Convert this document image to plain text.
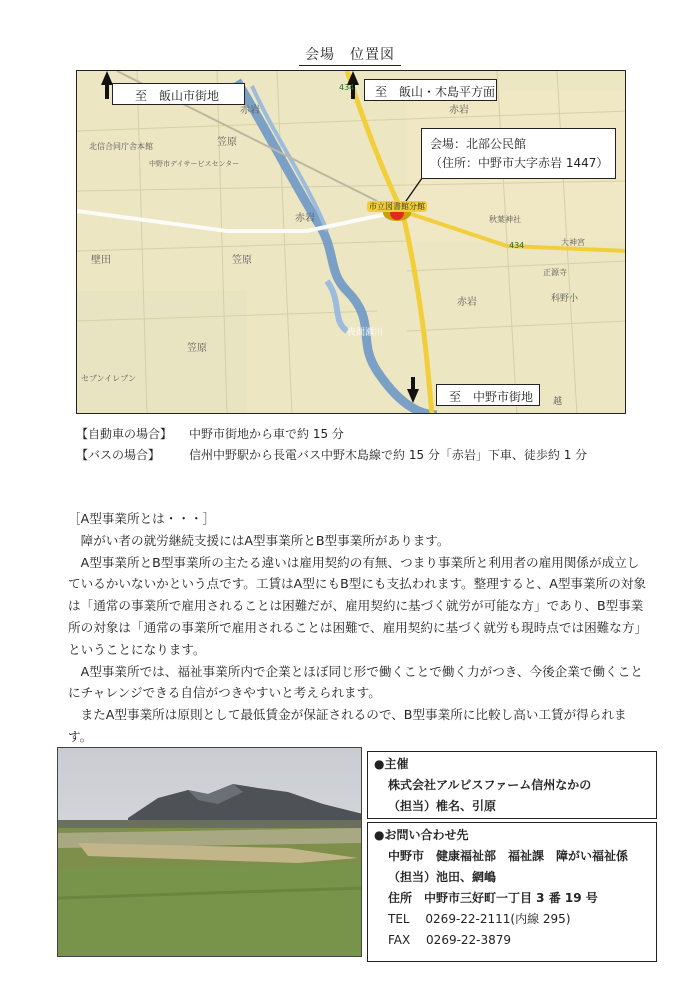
会場　位置図
赤岩	赤岩
赤岩
赤岩
笠原
笠原
笠原
北信合同庁舎本館
中野市デイサービスセンター
セブンイレブン
壁田
秋葉神社
大神宮
正源寺
科野小
434
434
夜間瀬川
越
市立図書館分館
至　飯山市街地	至　飯山・木島平方面
至　中野市街地
会場：北部公民館
（住所：中野市大字赤岩 1447）
【自動車の場合】	中野市街地から車で約 15 分
【バスの場合】	信州中野駅から長電バス中野木島線で約 15 分「赤岩」下車、徒歩約 1 分
［A型事業所とは・・・］

障がい者の就労継続支援にはA型事業所とB型事業所があります。

A型事業所とB型事業所の主たる違いは雇用契約の有無、つまり事業所と利用者の雇用関係が成立しているかいないかという点です。工賃はA型にもB型にも支払われます。整理すると、A型事業所の対象は「通常の事業所で雇用されることは困難だが、雇用契約に基づく就労が可能な方」であり、B型事業所の対象は「通常の事業所で雇用されることは困難で、雇用契約に基づく就労も現時点では困難な方」ということになります。

A型事業所では、福祉事業所内で企業とほぼ同じ形で働くことで働く力がつき、今後企業で働くことにチャレンジできる自信がつきやすいと考えられます。

またA型事業所は原則として最低賃金が保証されるので、B型事業所に比較し高い工賃が得られます。

●主催
株式会社アルビスファーム信州なかの
（担当）椎名、引原
●お問い合わせ先
中野市　健康福祉部　福祉課　障がい福祉係
（担当）池田、網嶋
住所　中野市三好町一丁目 3 番 19 号
TEL　 0269-22-2111(内線 295)
FAX　 0269-22-3879
